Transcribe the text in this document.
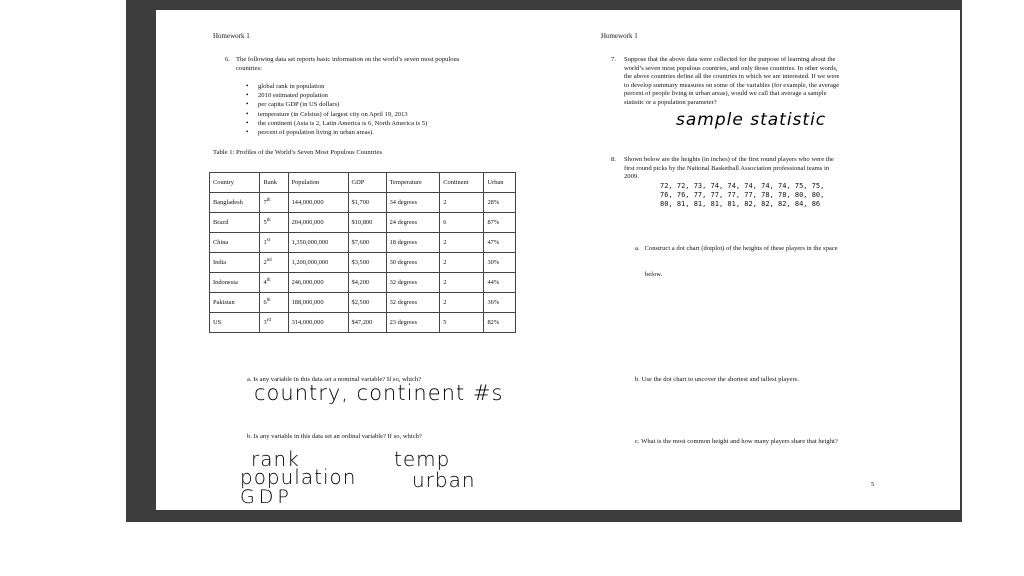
Homework 1
6. The following data set reports basic information on the world’s seven most populous countries:
• global rank in population
• 2010 estimated population
• per capita GDP (in US dollars)
• temperature (in Celsius) of largest city on April 19, 2013
• the continent (Asia is 2, Latin America is 6, North America is 5)
• percent of population living in urban areas).
Table 1: Profiles of the World’s Seven Most Populous Countries
Country	Rank	Population	GDP	Temperature	Continent	Urban
Bangladesh	7th	144,000,000	$1,700	34 degrees	2	28%
Brazil	5th	204,000,000	$10,800	24 degrees	6	87%
China	1st	1,350,000,000	$7,600	18 degrees	2	47%
India	2nd	1,200,000,000	$3,500	30 degrees	2	30%
Indonesia	4th	246,000,000	$4,200	32 degrees	2	44%
Pakistan	6th	188,000,000	$2,500	32 degrees	2	36%
US	3rd	314,000,000	$47,200	23 degrees	5	82%
a. Is any variable in this data set a nominal variable? If so, which?
country, continent #s
b. Is any variable in this data set an ordinal variable? If so, which?
rank	temp
population	urban
GDP
Homework 1
7. Suppose that the above data were collected for the purpose of learning about the
world’s seven most populous countries, and only those countries. In other words,
the above countries define all the countries in which we are interested. If we were
to develop summary measures on some of the variables (for example, the average
percent of people living in urban areas), would we call that average a sample
statistic or a population parameter?
sample statistic
8. Shown below are the heights (in inches) of the first round players who were the
first round picks by the National Basketball Association professional teams in
2009.
72, 72, 73, 74, 74, 74, 74, 74, 75, 75,
76, 76, 77, 77, 77, 77, 78, 78, 80, 80,
80, 81, 81, 81, 81, 82, 82, 82, 84, 86

a.   Construct a dot chart (dotplot) of the heights of these players in the space

below.

b. Use the dot chart to uncover the shortest and tallest players.
c. What is the most common height and how many players share that height?
5
